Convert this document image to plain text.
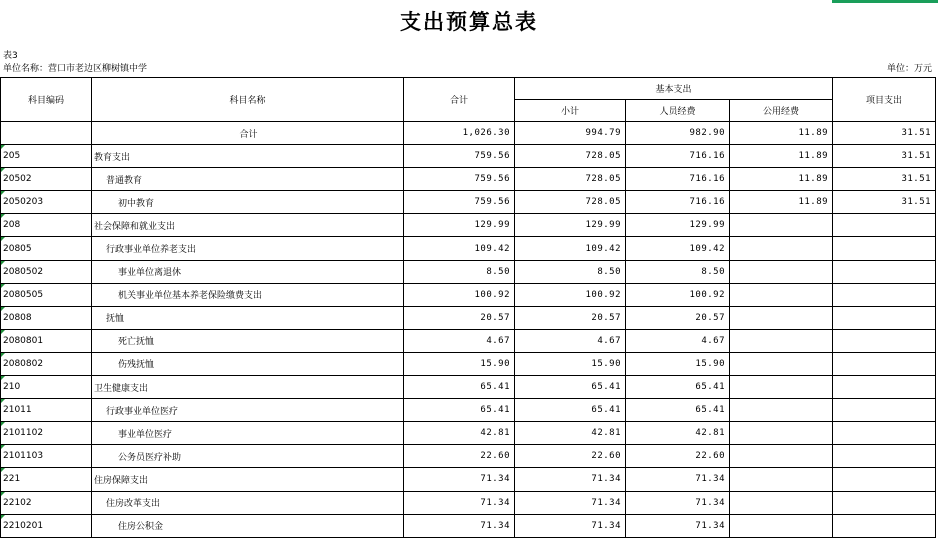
支出预算总表
表3
单位名称：营口市老边区柳树镇中学	单位：万元
科目编码	科目名称	合计	基本支出			项目支出
			小计	人员经费	公用经费	
	合计	1,026.30	994.79	982.90	11.89	31.51

205	教育支出	759.56	728.05	716.16	11.89	31.51

20502	普通教育	759.56	728.05	716.16	11.89	31.51

2050203	初中教育	759.56	728.05	716.16	11.89	31.51

208	社会保障和就业支出	129.99	129.99	129.99		

20805	行政事业单位养老支出	109.42	109.42	109.42		

2080502	事业单位离退休	8.50	8.50	8.50		

2080505	机关事业单位基本养老保险缴费支出	100.92	100.92	100.92		

20808	抚恤	20.57	20.57	20.57		

2080801	死亡抚恤	4.67	4.67	4.67		

2080802	伤残抚恤	15.90	15.90	15.90		

210	卫生健康支出	65.41	65.41	65.41		

21011	行政事业单位医疗	65.41	65.41	65.41		

2101102	事业单位医疗	42.81	42.81	42.81		

2101103	公务员医疗补助	22.60	22.60	22.60		

221	住房保障支出	71.34	71.34	71.34		

22102	住房改革支出	71.34	71.34	71.34		

2210201	住房公积金	71.34	71.34	71.34		
